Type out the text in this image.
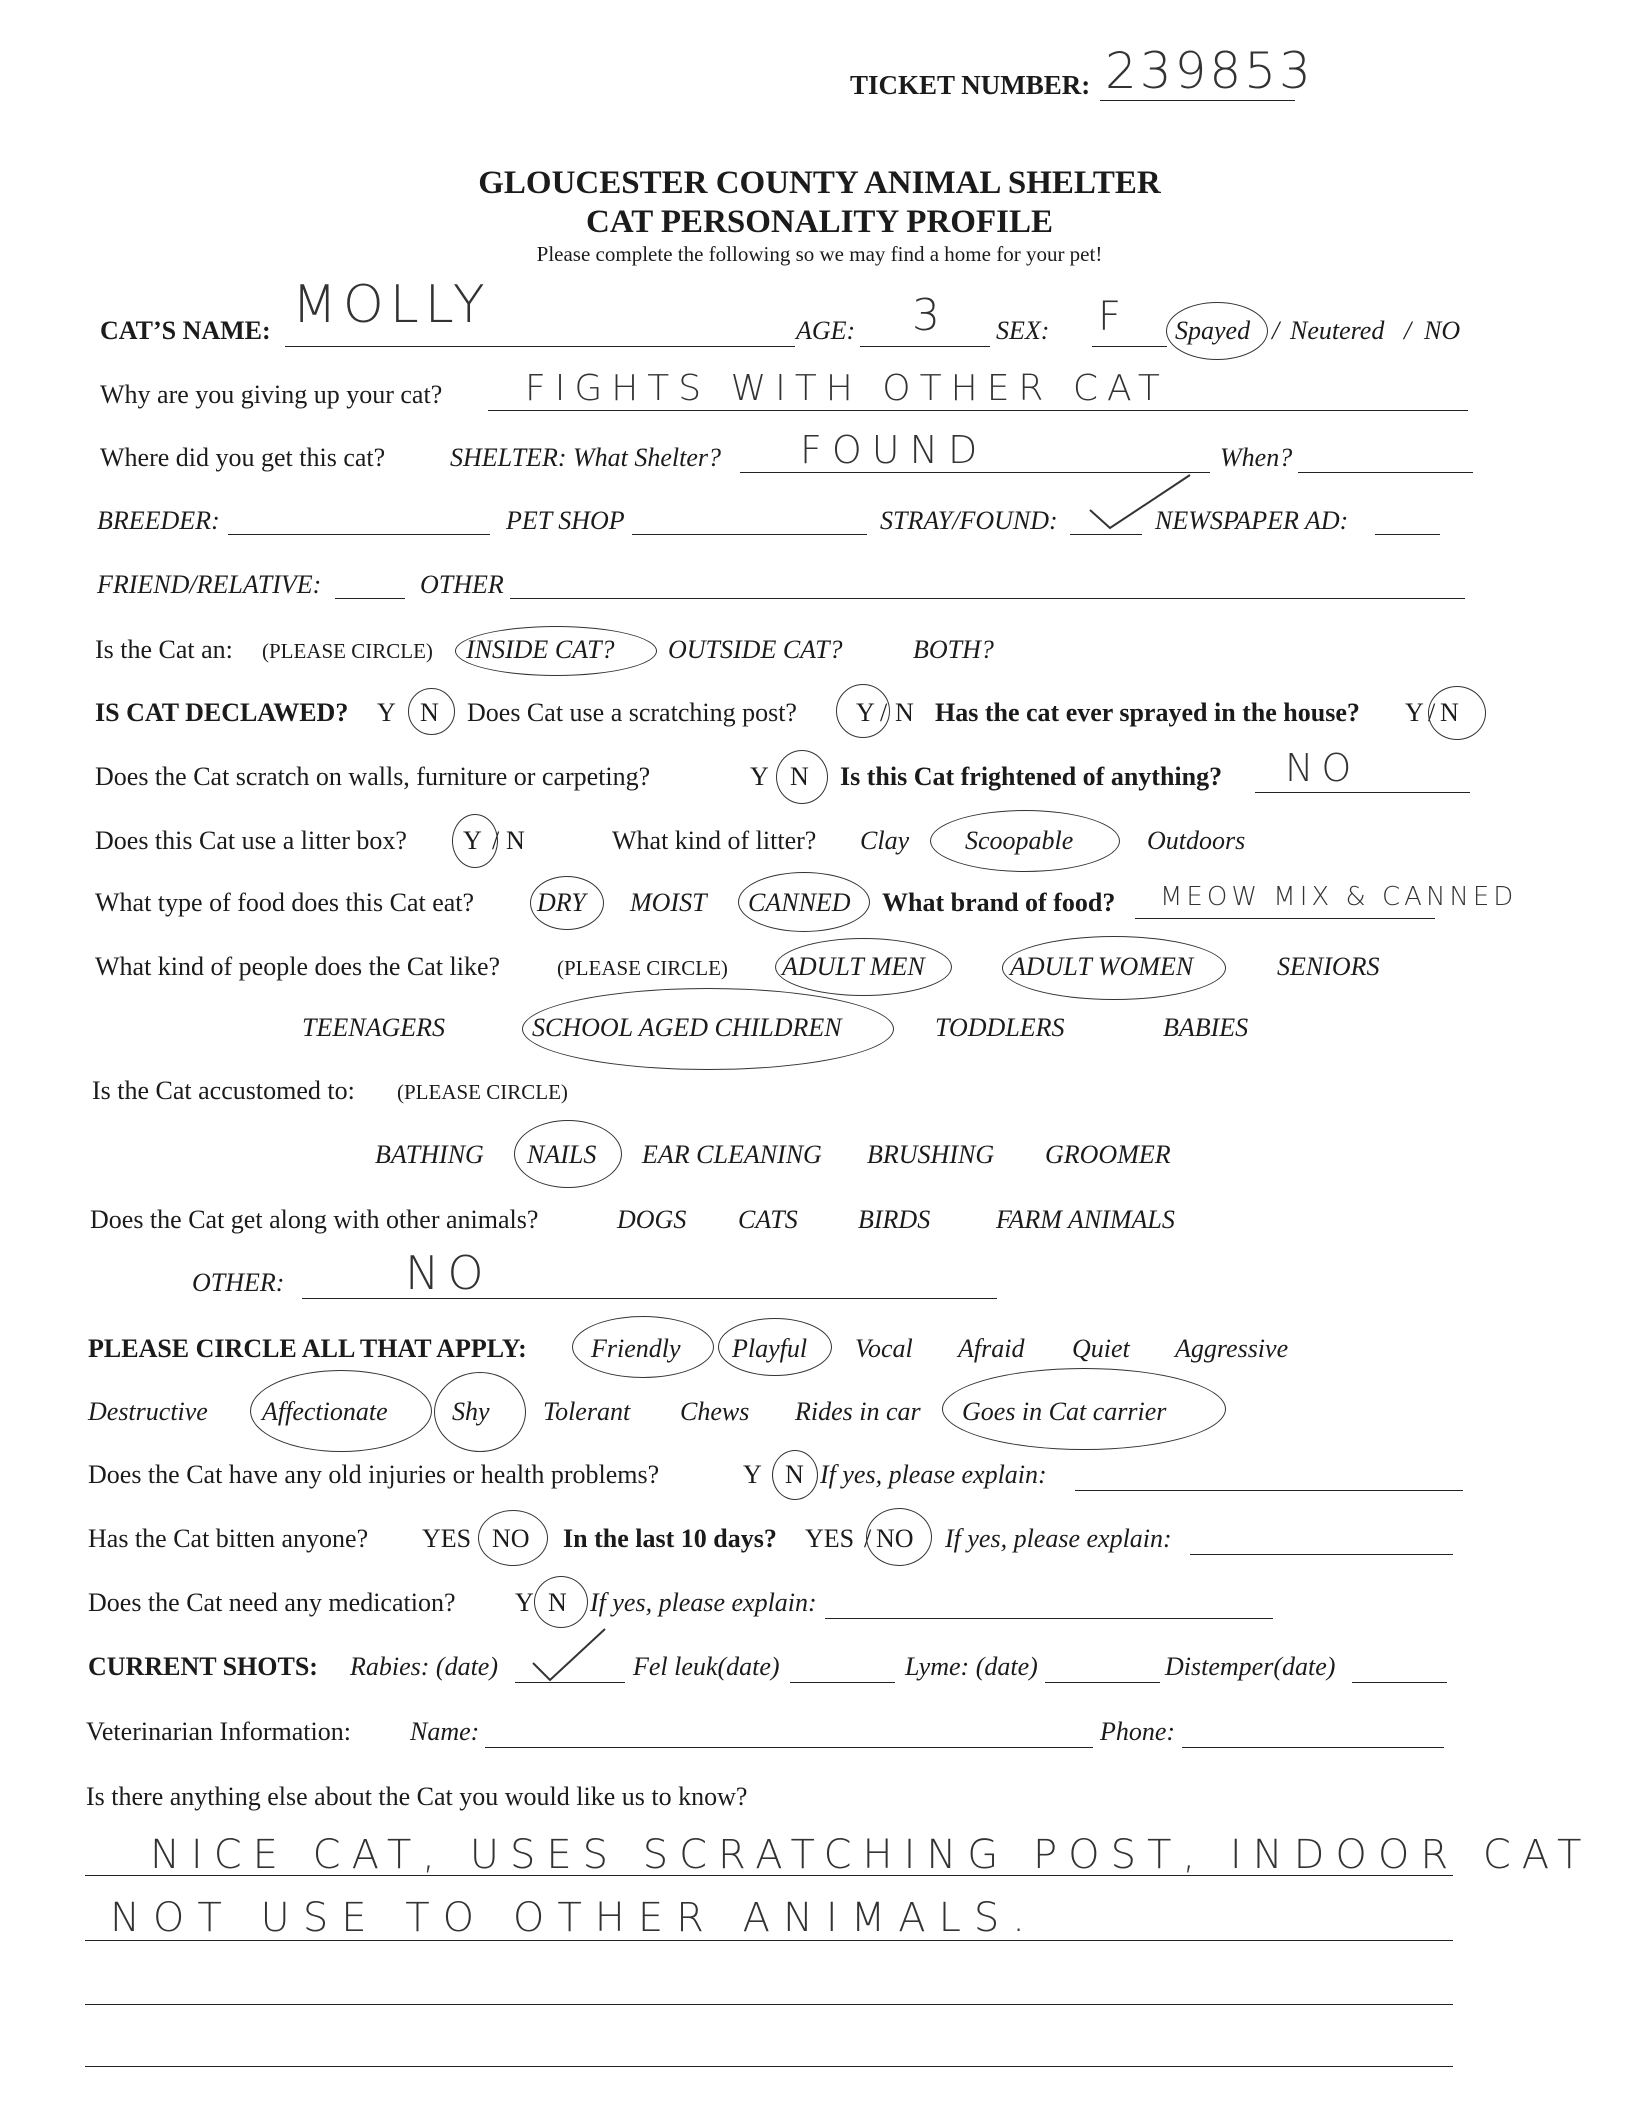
TICKET NUMBER: 239853
GLOUCESTER COUNTY ANIMAL SHELTER
CAT PERSONALITY PROFILE
Please complete the following so we may find a home for your pet!
CAT’S NAME: MOLLY	AGE: 3 SEX: F Spayed / Neutered / NO
Why are you giving up your cat? FIGHTS WITH OTHER CAT
Where did you get this cat? SHELTER: What Shelter? FOUND	When?
BREEDER:	PET SHOP	STRAY/FOUND:	NEWSPAPER AD:
FRIEND/RELATIVE:	OTHER
Is the Cat an: (PLEASE CIRCLE) INSIDE CAT? OUTSIDE CAT?	BOTH?
IS CAT DECLAWED? Y N Does Cat use a scratching post? Y / N Has the cat ever sprayed in the house? Y / N
Does the Cat scratch on walls, furniture or carpeting?	Y N Is this Cat frightened of anything? NO
Does this Cat use a litter box? Y / N	What kind of litter? Clay Scoopable	Outdoors
What type of food does this Cat eat? DRY MOIST CANNED What brand of food? MEOW MIX & CANNED
What kind of people does the Cat like?	(PLEASE CIRCLE) ADULT MEN	ADULT WOMEN	SENIORS
TEENAGERS	SCHOOL AGED CHILDREN	TODDLERS	BABIES
Is the Cat accustomed to: (PLEASE CIRCLE)
BATHING NAILS EAR CLEANING BRUSHING GROOMER
Does the Cat get along with other animals?	DOGS CATS BIRDS	FARM ANIMALS
OTHER:	NO
PLEASE CIRCLE ALL THAT APPLY: Friendly Playful Vocal Afraid Quiet Aggressive
Destructive Affectionate Shy Tolerant Chews Rides in car Goes in Cat carrier
Does the Cat have any old injuries or health problems?	Y N If yes, please explain:
Has the Cat bitten anyone? YES NO In the last 10 days? YES / NO If yes, please explain:
Does the Cat need any medication? Y N If yes, please explain:
CURRENT SHOTS: Rabies: (date)	Fel leuk(date)	Lyme: (date)	Distemper(date)
Veterinarian Information: Name:	Phone:
Is there anything else about the Cat you would like us to know?
NICE CAT, USES SCRATCHING POST, INDOOR CAT
NOT USE TO OTHER ANIMALS.
